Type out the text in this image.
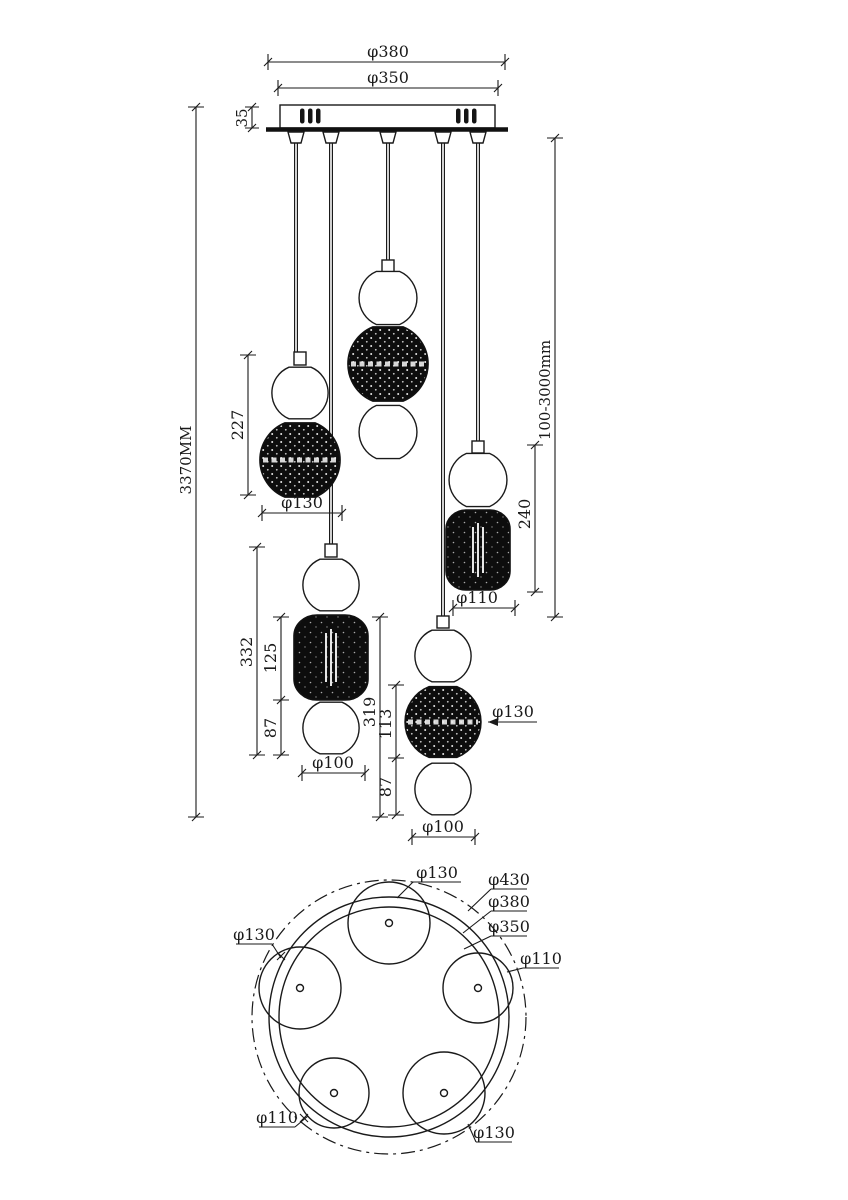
φ380
φ350
35
3370MM
100-3000mm
227
φ130
332 125
87
φ100
240
φ110
319
113
87
φ100
φ130
φ130 φ430
φ380
φ350
φ110
φ130
φ110
φ130
